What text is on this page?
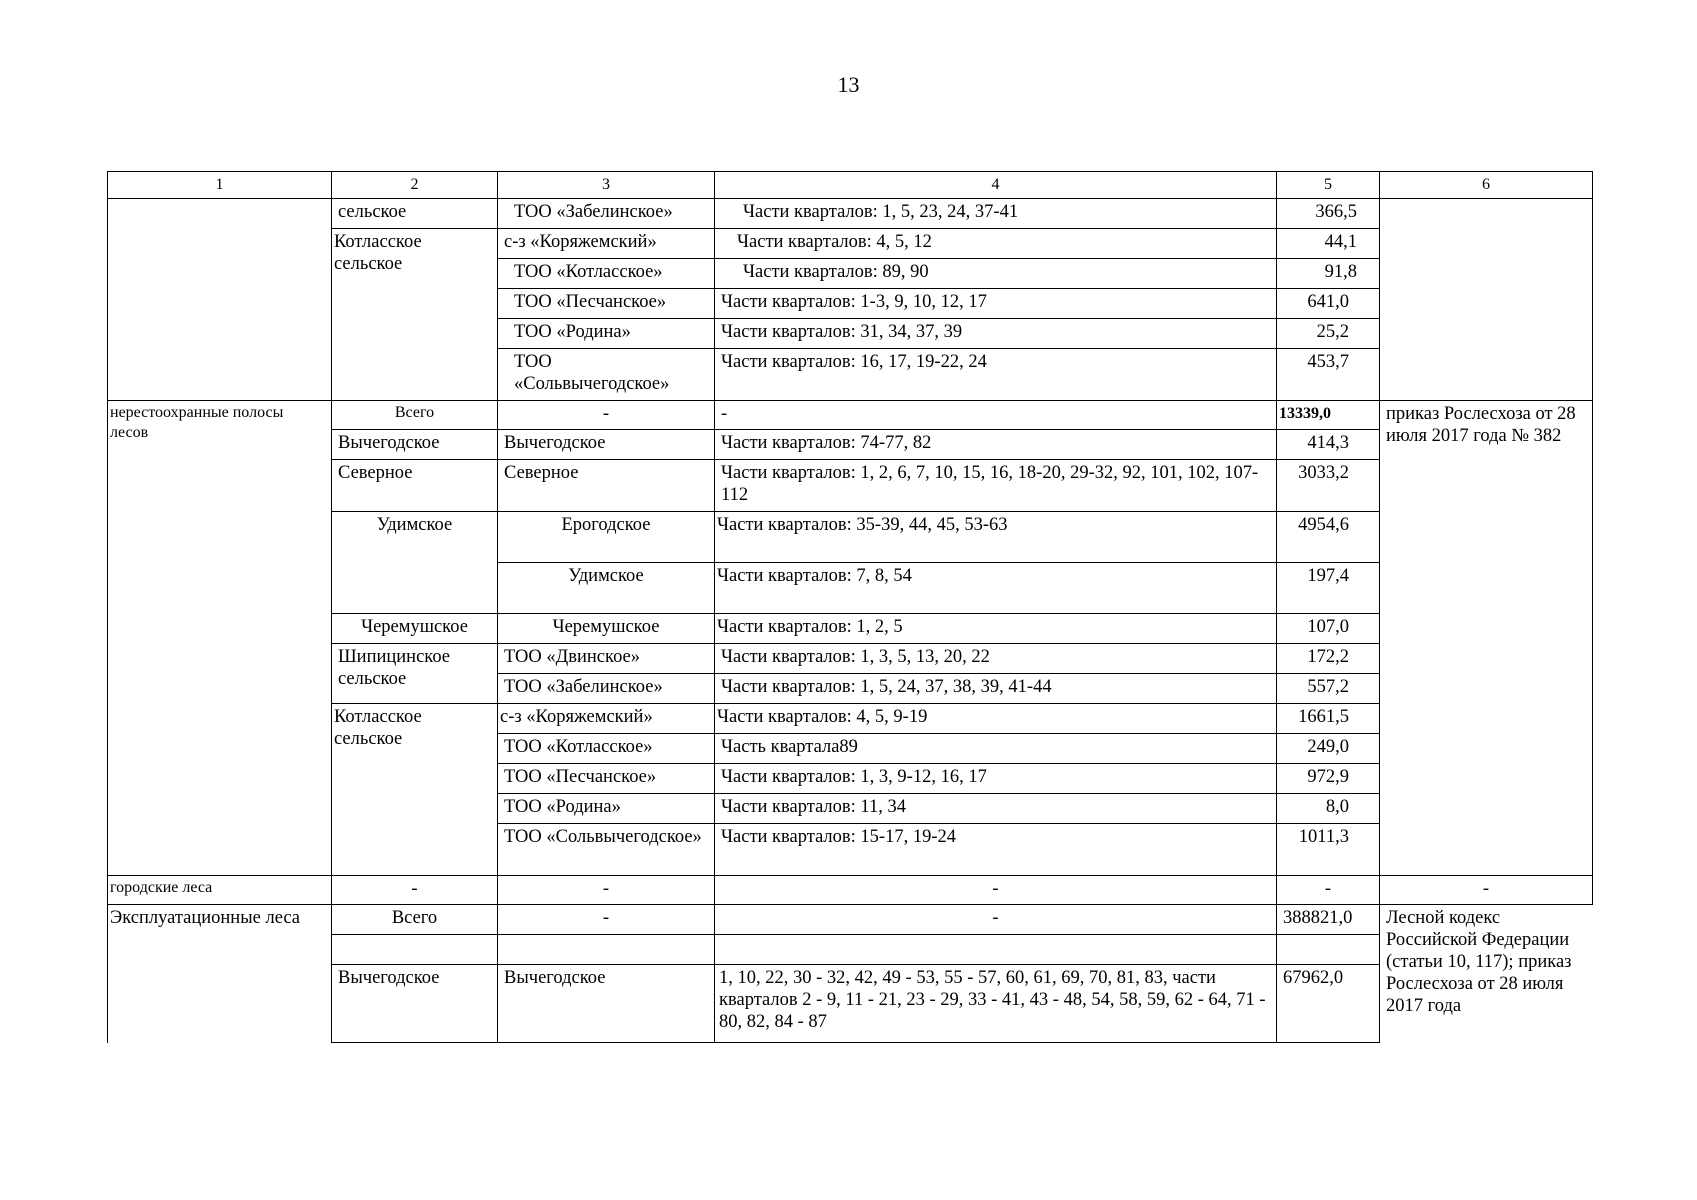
13
1	2	3	4	5	6
	сельское	ТОО «Забелинское»	Части кварталов: 1, 5, 23, 24, 37-41	366,5	
	Котласское сельское	с-з «Коряжемский»	Части кварталов: 4, 5, 12	44,1	
		ТОО «Котласское»	Части кварталов: 89, 90	91,8	
		ТОО «Песчанское»	Части кварталов: 1-3, 9, 10, 12, 17	641,0	
		ТОО «Родина»	Части кварталов: 31, 34, 37, 39	25,2	
		ТОО «Сольвычегодское»	Части кварталов: 16, 17, 19-22, 24	453,7	
нерестоохранные полосы лесов	Всего	-	-	13339,0	приказ Рослесхоза от 28 июля 2017 года № 382
	Вычегодское	Вычегодское	Части кварталов: 74-77, 82	414,3	
	Северное	Северное	Части кварталов: 1, 2, 6, 7, 10, 15, 16, 18-20, 29-32, 92, 101, 102, 107-112	3033,2	
	Удимское	Ерогодское	Части кварталов: 35-39, 44, 45, 53-63	4954,6	
		Удимское	Части кварталов: 7, 8, 54	197,4	
	Черемушское	Черемушское	Части кварталов: 1, 2, 5	107,0	
	Шипицинское сельское	ТОО «Двинское»	Части кварталов: 1, 3, 5, 13, 20, 22	172,2	
		ТОО «Забелинское»	Части кварталов: 1, 5, 24, 37, 38, 39, 41-44	557,2	
	Котласское сельское	с-з «Коряжемский»	Части кварталов: 4, 5, 9-19	1661,5	
		ТОО «Котласское»	Часть квартала89	249,0	
		ТОО «Песчанское»	Части кварталов: 1, 3, 9-12, 16, 17	972,9	
		ТОО «Родина»	Части кварталов: 11, 34	8,0	
		ТОО «Сольвычегодское»	Части кварталов: 15-17, 19-24	1011,3	
городские леса	-	-	-	-	-
Эксплуатационные леса	Всего	-	-	388821,0	Лесной кодекс Российской Федерации (статьи 10, 117); приказ Рослесхоза от 28 июля 2017 года

	Вычегодское	Вычегодское	1, 10, 22, 30 - 32, 42, 49 - 53, 55 - 57, 60, 61, 69, 70, 81, 83, части кварталов 2 - 9, 11 - 21, 23 - 29, 33 - 41, 43 - 48, 54, 58, 59, 62 - 64, 71 - 80, 82, 84 - 87	67962,0	
